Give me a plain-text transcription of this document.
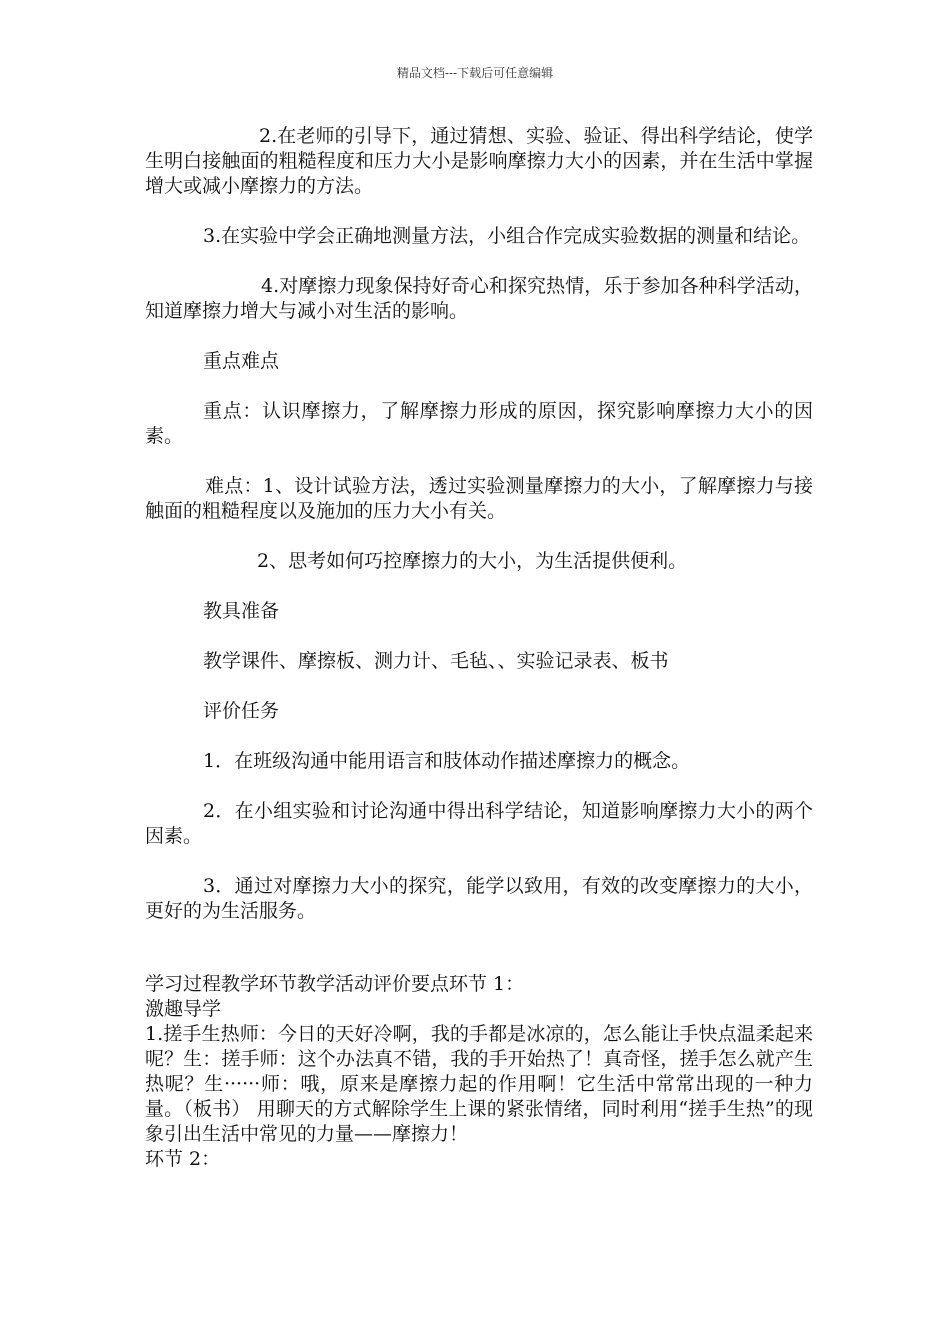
精品文档---下载后可任意编辑

2.在老师的引导下，通过猜想、实验、验证、得出科学结论，使学生明白接触面的粗糙程度和压力大小是影响摩擦力大小的因素，并在生活中掌握增大或减小摩擦力的方法。

3.在实验中学会正确地测量方法，小组合作完成实验数据的测量和结论。

4.对摩擦力现象保持好奇心和探究热情，乐于参加各种科学活动，知道摩擦力增大与减小对生活的影响。

重点难点

重点：认识摩擦力，了解摩擦力形成的原因，探究影响摩擦力大小的因素。

难点：1、设计试验方法，透过实验测量摩擦力的大小，了解摩擦力与接触面的粗糙程度以及施加的压力大小有关。

2、思考如何巧控摩擦力的大小，为生活提供便利。

教具准备

教学课件、摩擦板、测力计、毛毡、、实验记录表、板书

评价任务

1．在班级沟通中能用语言和肢体动作描述摩擦力的概念。

2．在小组实验和讨论沟通中得出科学结论，知道影响摩擦力大小的两个因素。

3．通过对摩擦力大小的探究，能学以致用，有效的改变摩擦力的大小，更好的为生活服务。

学习过程教学环节教学活动评价要点环节 1：

激趣导学

1.搓手生热师：今日的天好冷啊，我的手都是冰凉的，怎么能让手快点温柔起来呢？生：搓手师：这个办法真不错，我的手开始热了！真奇怪，搓手怎么就产生热呢？生······师：哦，原来是摩擦力起的作用啊！它生活中常常出现的一种力量。（板书） 用聊天的方式解除学生上课的紧张情绪，同时利用“搓手生热”的现象引出生活中常见的力量——摩擦力！

环节 2：
